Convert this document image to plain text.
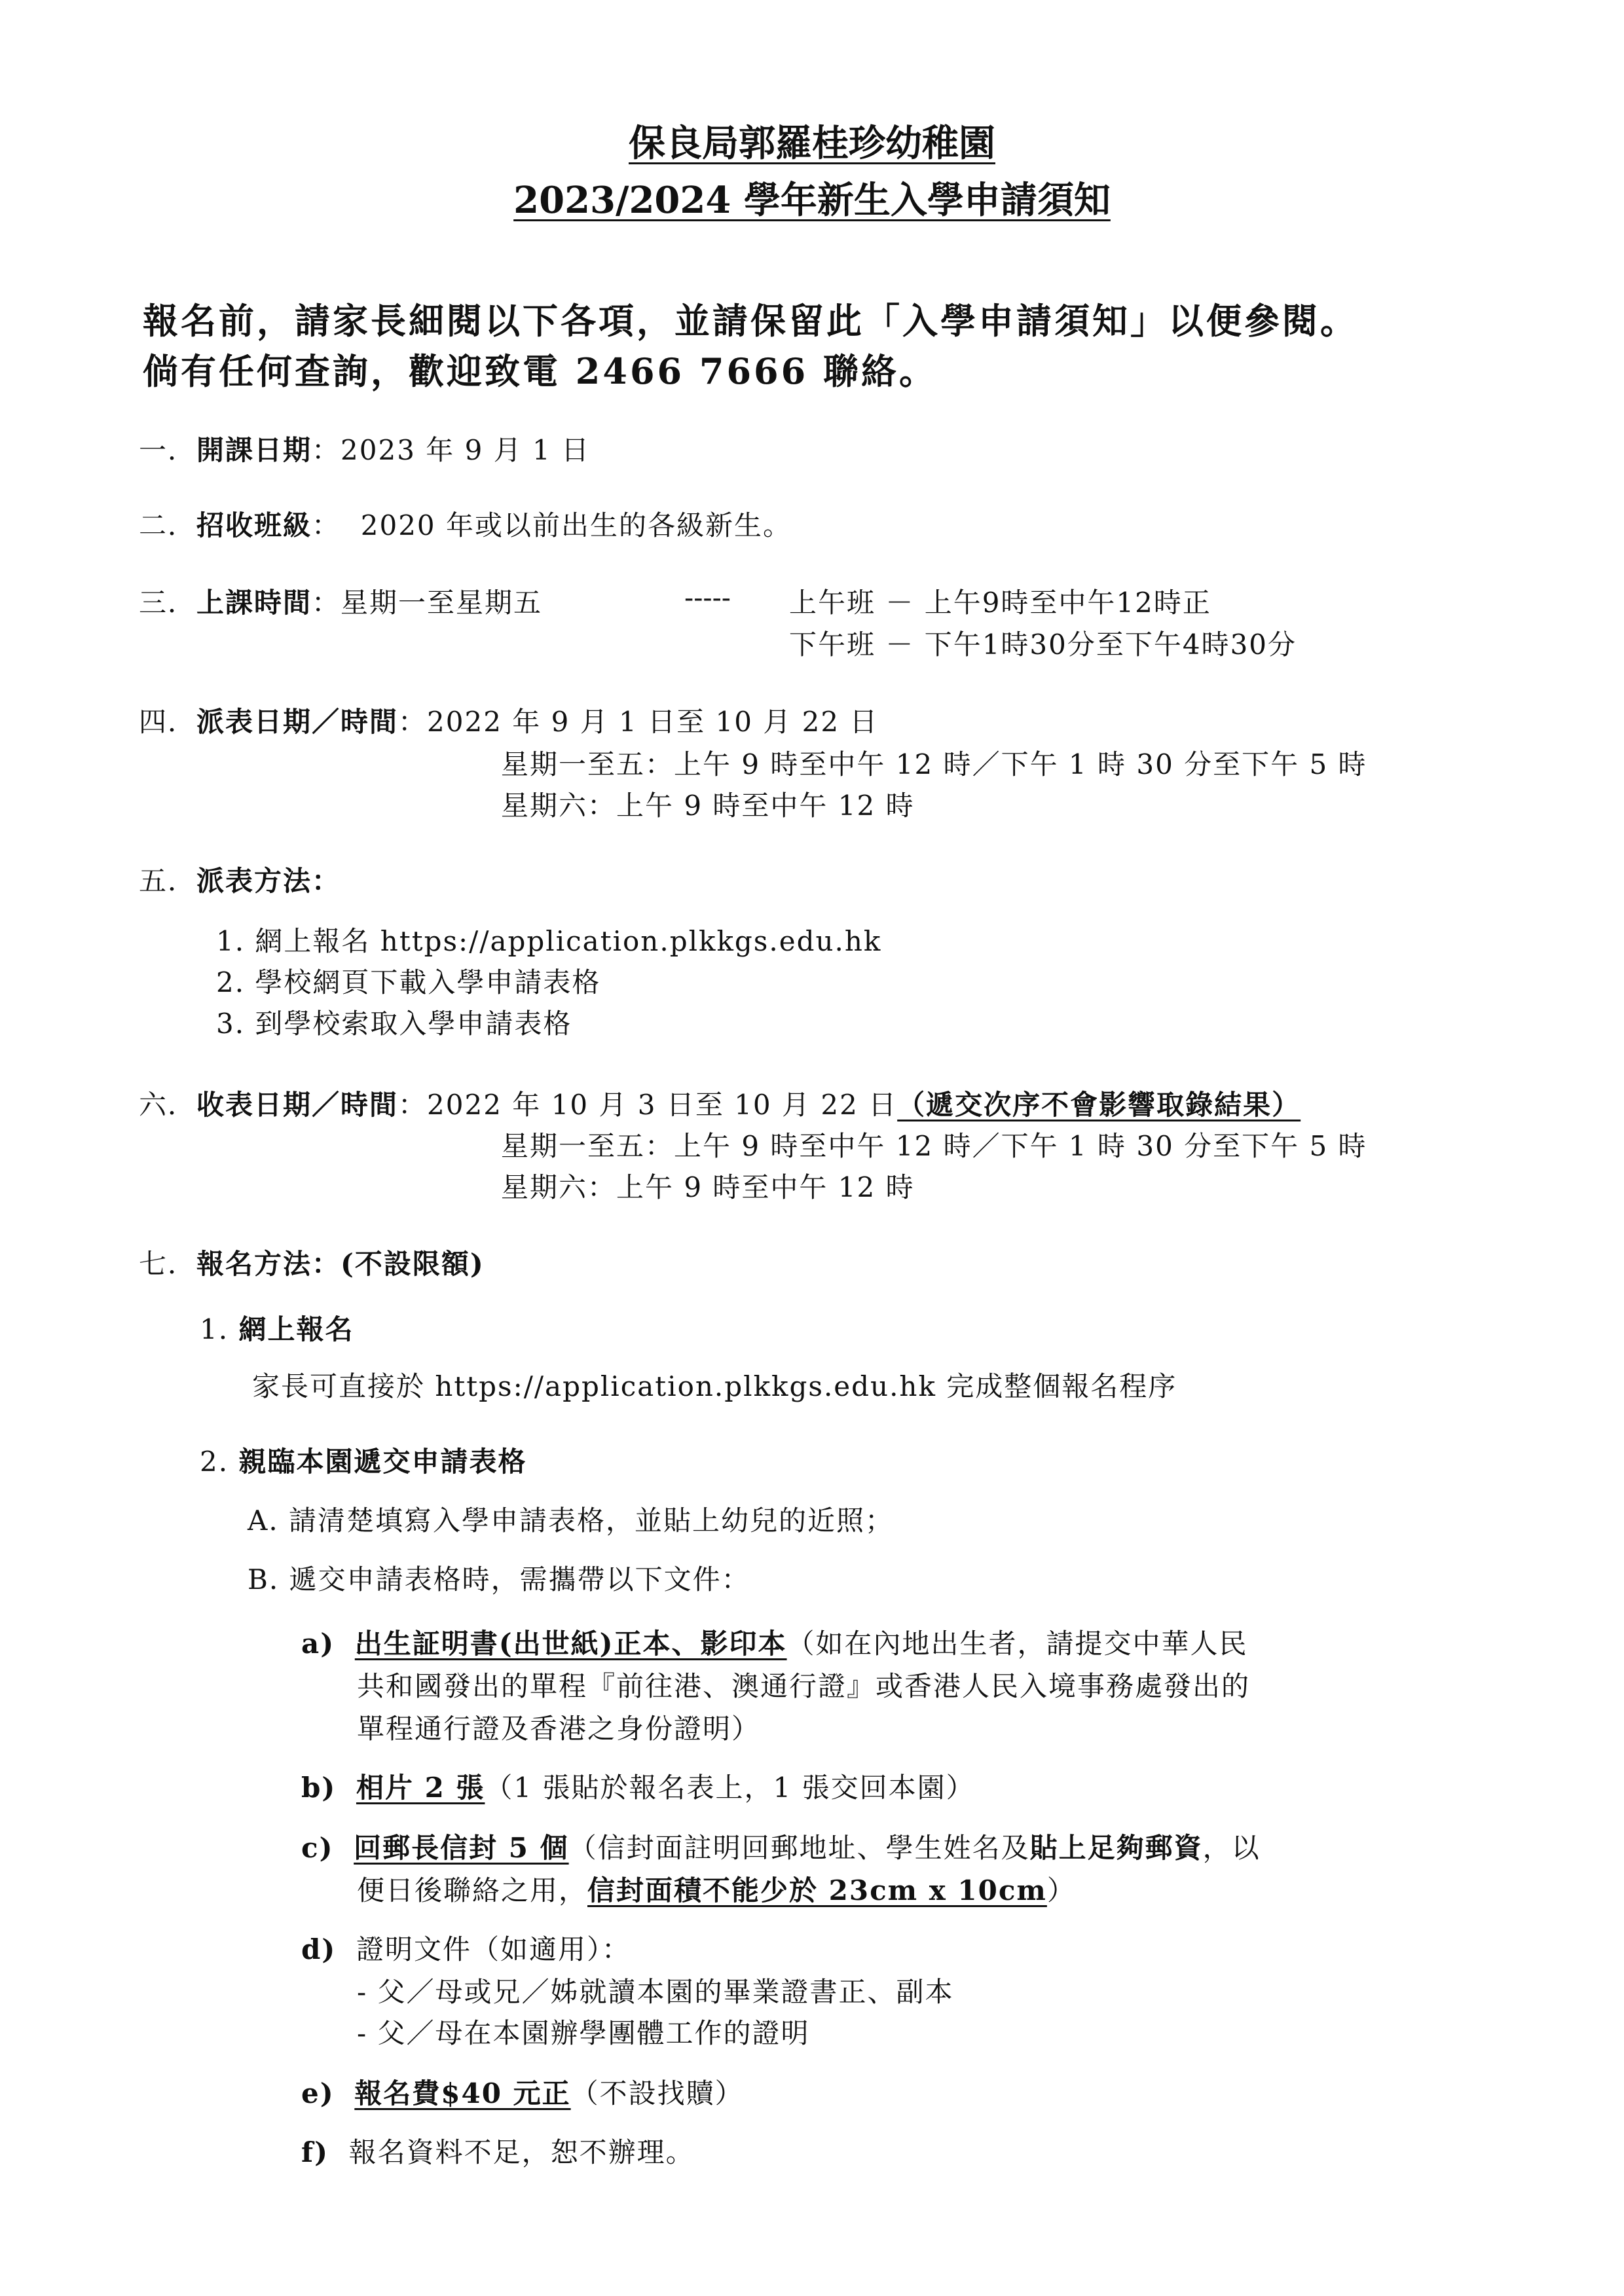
保良局郭羅桂珍幼稚園
2023/2024 學年新生入學申請須知
報名前，請家長細閱以下各項，並請保留此「入學申請須知」以便參閱。
倘有任何查詢，歡迎致電 2466 7666 聯絡。
一．開課日期：2023 年 9 月 1 日
二．招收班級： 2020 年或以前出生的各級新生。
三．上課時間：星期一至星期五	----- 上午班 － 上午9時至中午12時正
下午班 － 下午1時30分至下午4時30分
四．派表日期／時間：2022 年 9 月 1 日至 10 月 22 日
星期一至五：上午 9 時至中午 12 時／下午 1 時 30 分至下午 5 時
星期六：上午 9 時至中午 12 時
五．派表方法：
1. 網上報名 https://application.plkkgs.edu.hk
2. 學校網頁下載入學申請表格
3. 到學校索取入學申請表格
六．收表日期／時間：2022 年 10 月 3 日至 10 月 22 日（遞交次序不會影響取錄結果）
星期一至五：上午 9 時至中午 12 時／下午 1 時 30 分至下午 5 時
星期六：上午 9 時至中午 12 時
七．報名方法：(不設限額)
1. 網上報名
家長可直接於 https://application.plkkgs.edu.hk 完成整個報名程序
2. 親臨本園遞交申請表格
A. 請清楚填寫入學申請表格，並貼上幼兒的近照；
B. 遞交申請表格時，需攜帶以下文件：
a) 出生証明書(出世紙)正本、影印本（如在內地出生者，請提交中華人民
共和國發出的單程『前往港、澳通行證』或香港人民入境事務處發出的
單程通行證及香港之身份證明）
b) 相片 2 張（1 張貼於報名表上，1 張交回本園）
c) 回郵長信封 5 個（信封面註明回郵地址、學生姓名及貼上足夠郵資，以
便日後聯絡之用，信封面積不能少於 23cm x 10cm）
d) 證明文件（如適用）：
- 父／母或兄／姊就讀本園的畢業證書正、副本
- 父／母在本園辦學團體工作的證明
e) 報名費$40 元正（不設找贖）
f) 報名資料不足，恕不辦理。
